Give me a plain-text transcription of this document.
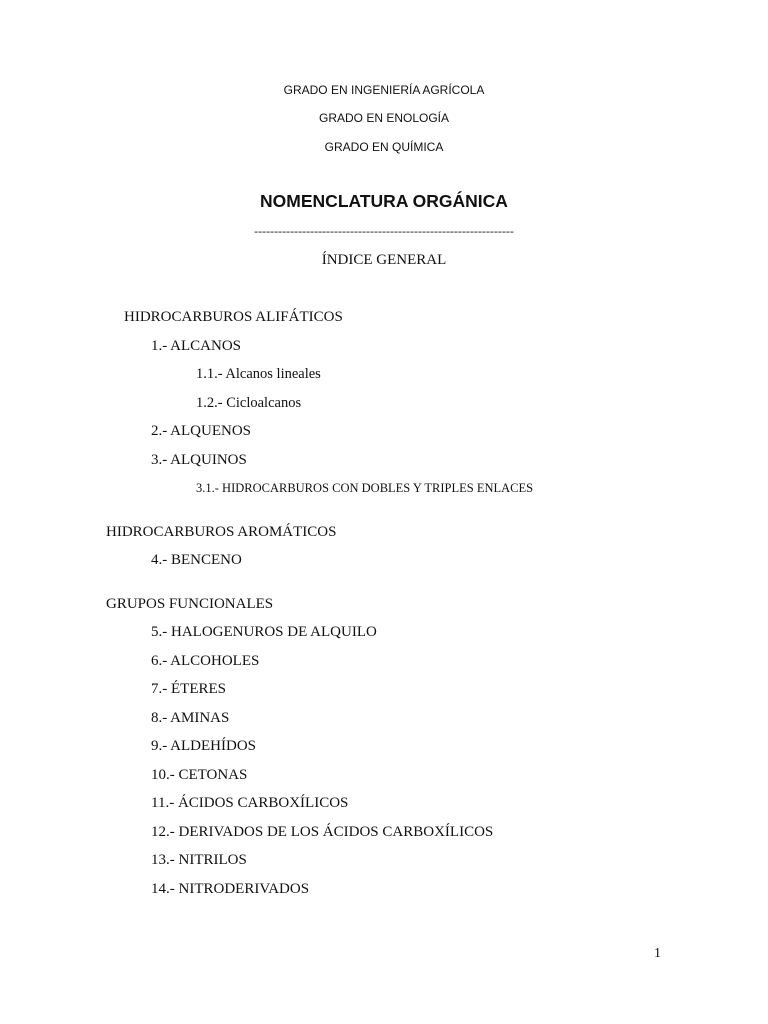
GRADO EN INGENIERÍA AGRÍCOLA
GRADO EN ENOLOGÍA
GRADO EN QUÍMICA
NOMENCLATURA ORGÁNICA
-----------------------------------------------------------------
ÍNDICE GENERAL
HIDROCARBUROS ALIFÁTICOS
1.- ALCANOS
1.1.- Alcanos lineales
1.2.- Cicloalcanos
2.- ALQUENOS
3.- ALQUINOS
3.1.- HIDROCARBUROS CON DOBLES Y TRIPLES ENLACES
HIDROCARBUROS AROMÁTICOS
4.- BENCENO
GRUPOS FUNCIONALES
5.- HALOGENUROS DE ALQUILO
6.- ALCOHOLES
7.- ÉTERES
8.- AMINAS
9.- ALDEHÍDOS
10.- CETONAS
11.- ÁCIDOS CARBOXÍLICOS
12.- DERIVADOS DE LOS ÁCIDOS CARBOXÍLICOS
13.- NITRILOS
14.- NITRODERIVADOS
1
